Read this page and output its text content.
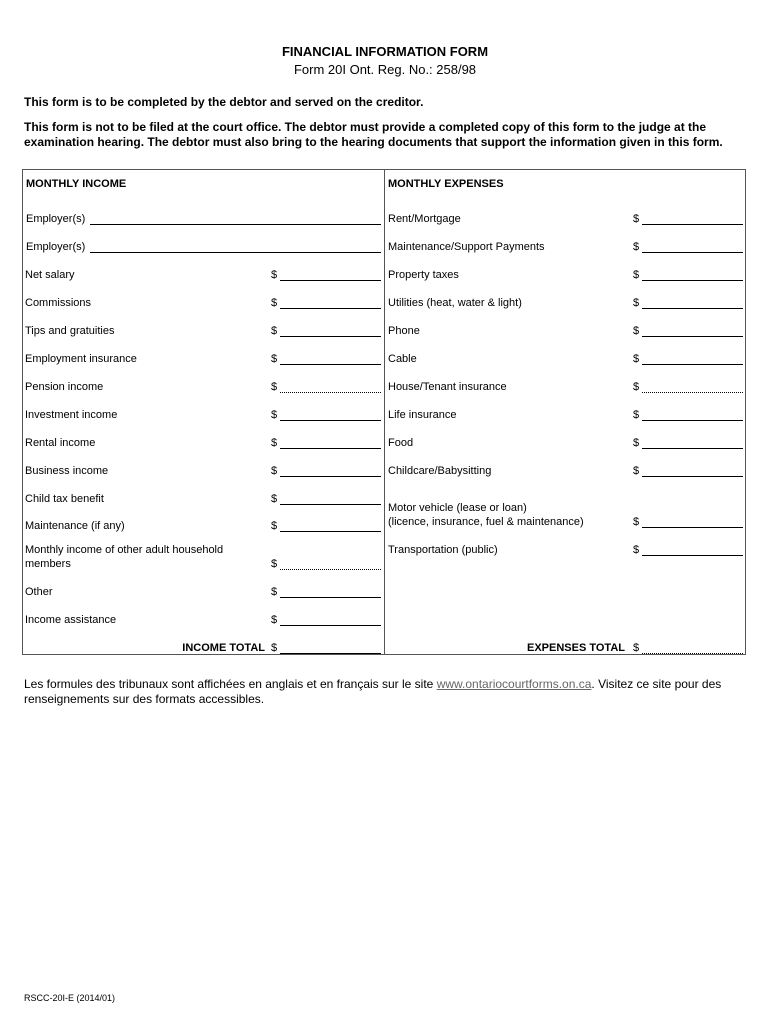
FINANCIAL INFORMATION FORM
Form 20I Ont. Reg. No.: 258/98
This form is to be completed by the debtor and served on the creditor.
This form is not to be filed at the court office. The debtor must provide a completed copy of this form to the judge at the examination hearing. The debtor must also bring to the hearing documents that support the information given in this form.
MONTHLY INCOME	MONTHLY EXPENSES
Employer(s)
Employer(s)
Net salary	$
Commissions	$
Tips and gratuities	$
Employment insurance	$
Pension income	$
Investment income	$
Rental income	$
Business income	$
Child tax benefit	$
Maintenance (if any)	$
Monthly income of other adult household members	$
Other	$
Income assistance	$
INCOME TOTAL $
Rent/Mortgage	$
Maintenance/Support Payments	$
Property taxes	$
Utilities (heat, water & light)	$
Phone	$
Cable	$
House/Tenant insurance	$
Life insurance	$
Food	$
Childcare/Babysitting	$
Motor vehicle (lease or loan)
(licence, insurance, fuel & maintenance)	$
Transportation (public)	$
EXPENSES TOTAL $
Les formules des tribunaux sont affichées en anglais et en français sur le site www.ontariocourtforms.on.ca. Visitez ce site pour des renseignements sur des formats accessibles.
RSCC-20I-E (2014/01)
